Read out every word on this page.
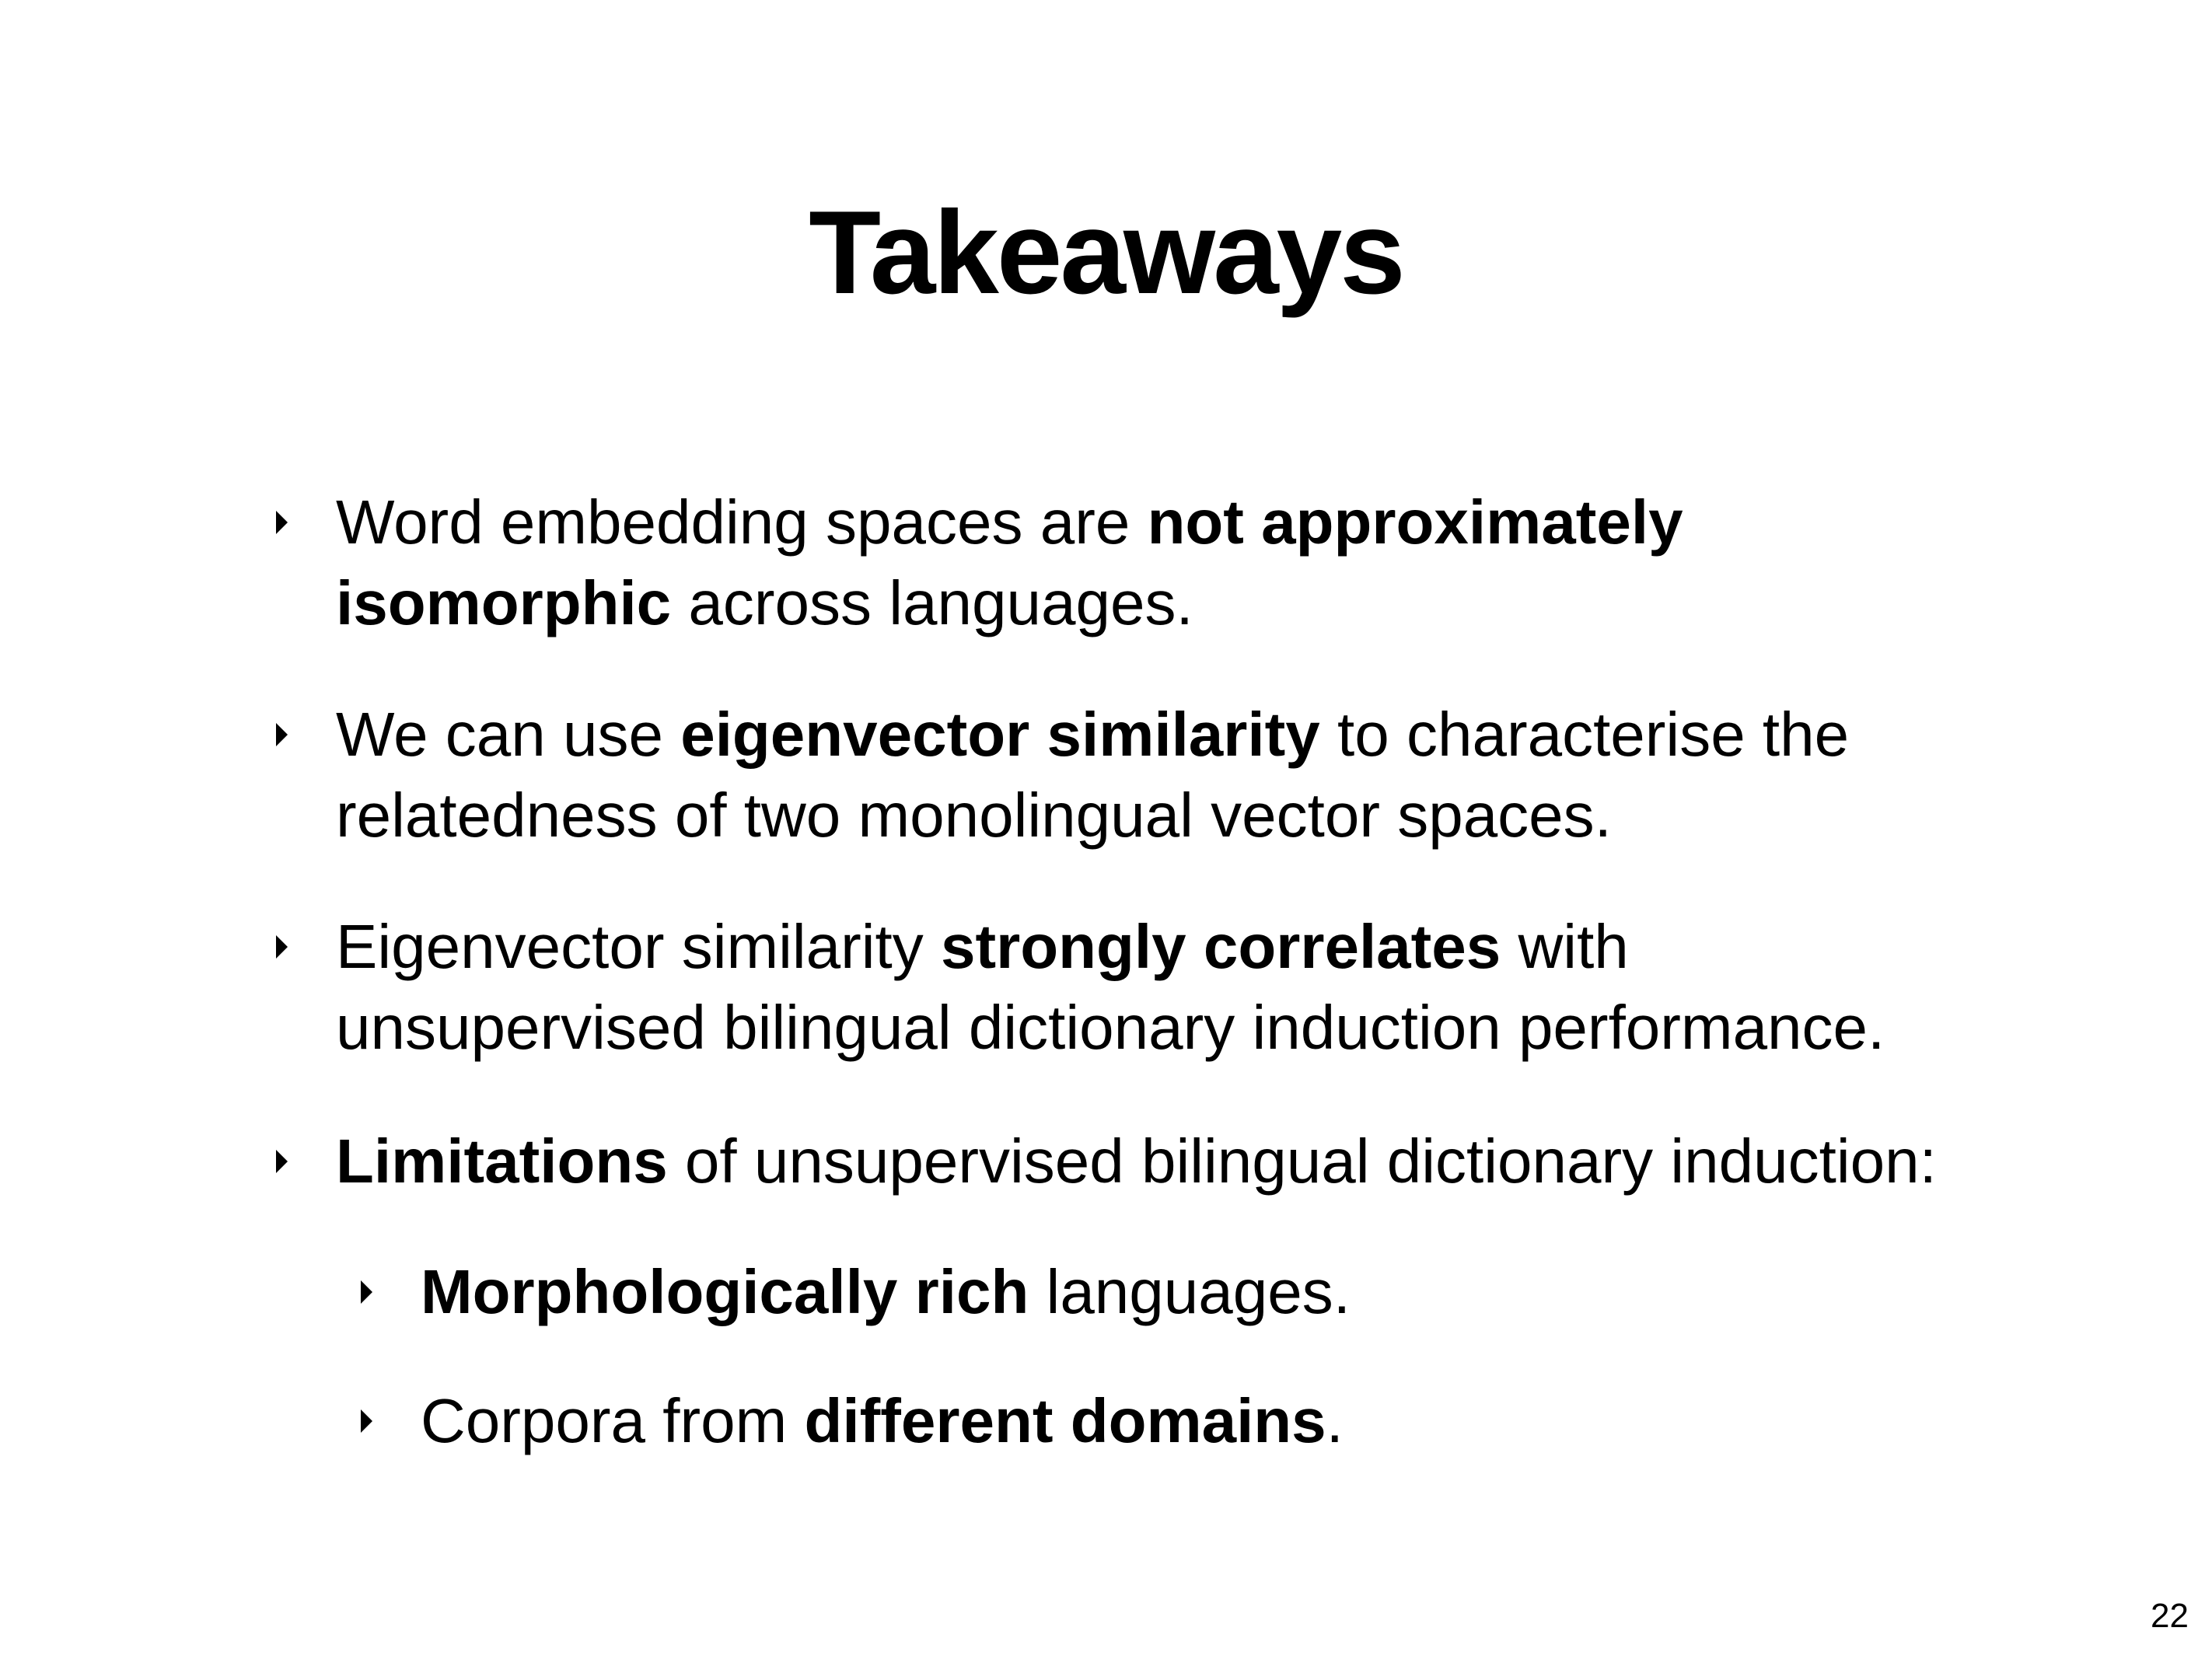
Takeaways
Word embedding spaces are not approximately
isomorphic across languages.
We can use eigenvector similarity to characterise the
relatedness of two monolingual vector spaces.
Eigenvector similarity strongly correlates with
unsupervised bilingual dictionary induction performance.
Limitations of unsupervised bilingual dictionary induction:
Morphologically rich languages.
Corpora from different domains.
22
